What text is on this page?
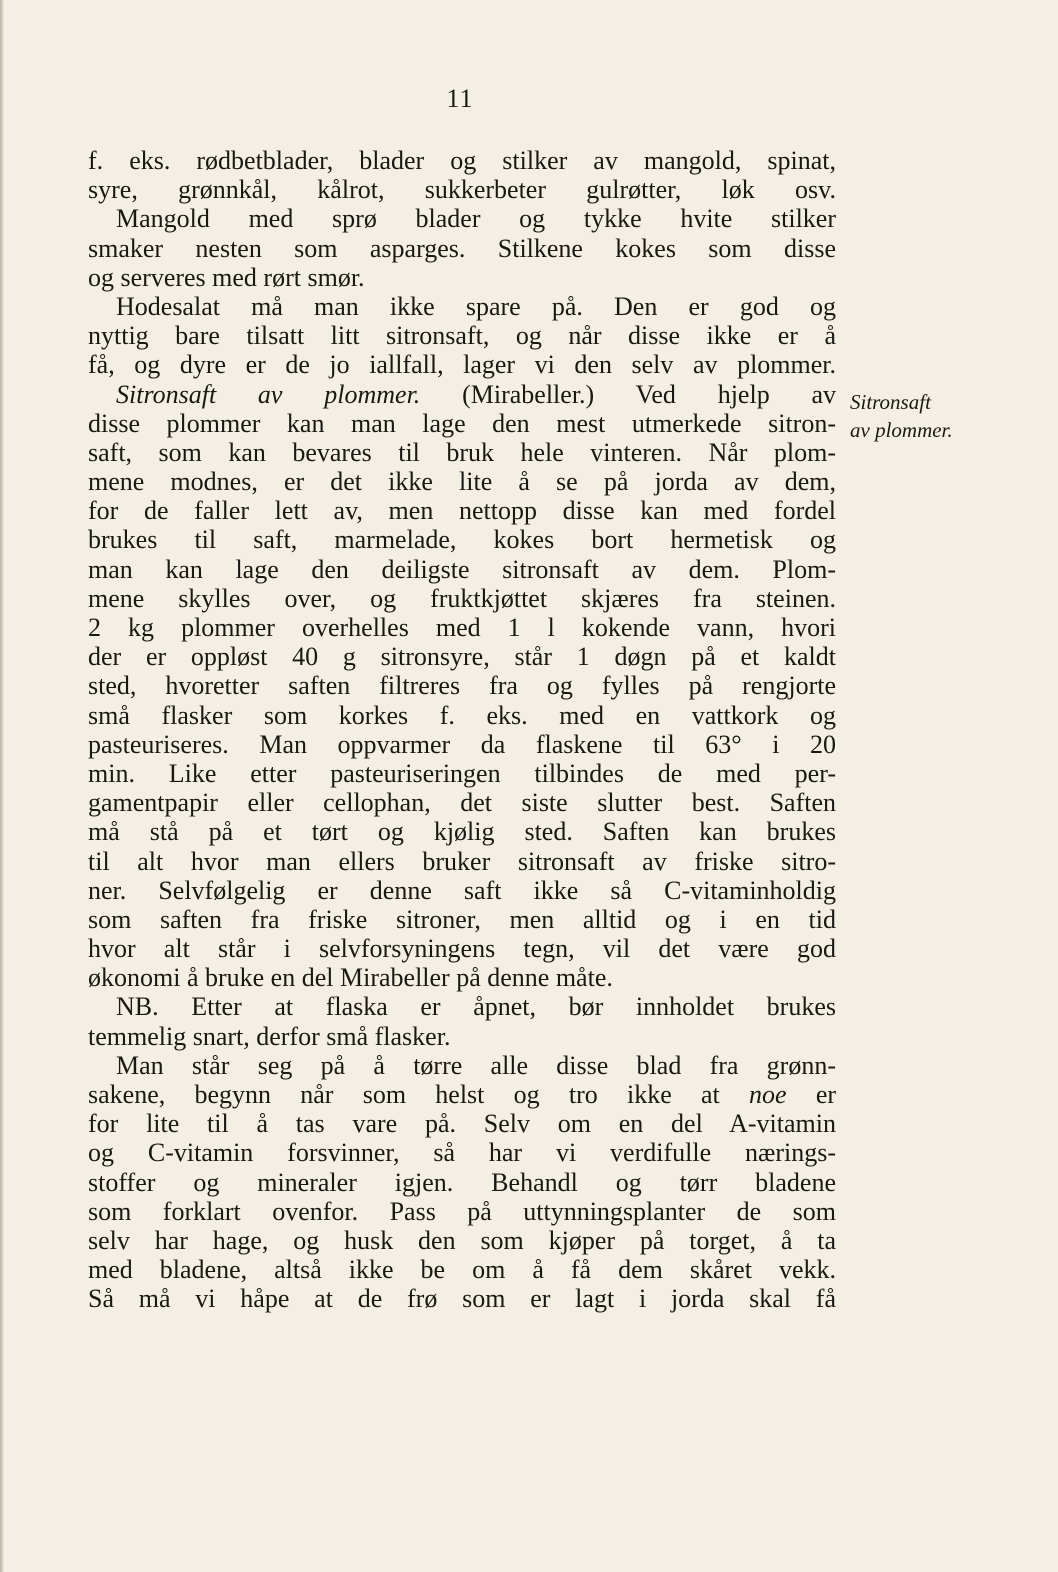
11
Sitronsaft
av plommer.
f. eks. rødbetblader, blader og stilker av mangold, spinat,
syre, grønnkål, kålrot, sukkerbeter gulrøtter, løk osv.
Mangold med sprø blader og tykke hvite stilker
smaker nesten som asparges. Stilkene kokes som disse
og serveres med rørt smør.
Hodesalat må man ikke spare på. Den er god og
nyttig bare tilsatt litt sitronsaft, og når disse ikke er å
få, og dyre er de jo iallfall, lager vi den selv av plommer.
Sitronsaft av plommer. (Mirabeller.) Ved hjelp av
disse plommer kan man lage den mest utmerkede sitron-
saft, som kan bevares til bruk hele vinteren. Når plom-
mene modnes, er det ikke lite å se på jorda av dem,
for de faller lett av, men nettopp disse kan med fordel
brukes til saft, marmelade, kokes bort hermetisk og
man kan lage den deiligste sitronsaft av dem. Plom-
mene skylles over, og fruktkjøttet skjæres fra steinen.
2 kg plommer overhelles med 1 l kokende vann, hvori
der er oppløst 40 g sitronsyre, står 1 døgn på et kaldt
sted, hvoretter saften filtreres fra og fylles på rengjorte
små flasker som korkes f. eks. med en vattkork og
pasteuriseres. Man oppvarmer da flaskene til 63° i 20
min. Like etter pasteuriseringen tilbindes de med per-
gamentpapir eller cellophan, det siste slutter best. Saften
må stå på et tørt og kjølig sted. Saften kan brukes
til alt hvor man ellers bruker sitronsaft av friske sitro-
ner. Selvfølgelig er denne saft ikke så C-vitaminholdig
som saften fra friske sitroner, men alltid og i en tid
hvor alt står i selvforsyningens tegn, vil det være god
økonomi å bruke en del Mirabeller på denne måte.
NB. Etter at flaska er åpnet, bør innholdet brukes
temmelig snart, derfor små flasker.
Man står seg på å tørre alle disse blad fra grønn-
sakene, begynn når som helst og tro ikke at noe er
for lite til å tas vare på. Selv om en del A-vitamin
og C-vitamin forsvinner, så har vi verdifulle nærings-
stoffer og mineraler igjen. Behandl og tørr bladene
som forklart ovenfor. Pass på uttynningsplanter de som
selv har hage, og husk den som kjøper på torget, å ta
med bladene, altså ikke be om å få dem skåret vekk.
Så må vi håpe at de frø som er lagt i jorda skal få
